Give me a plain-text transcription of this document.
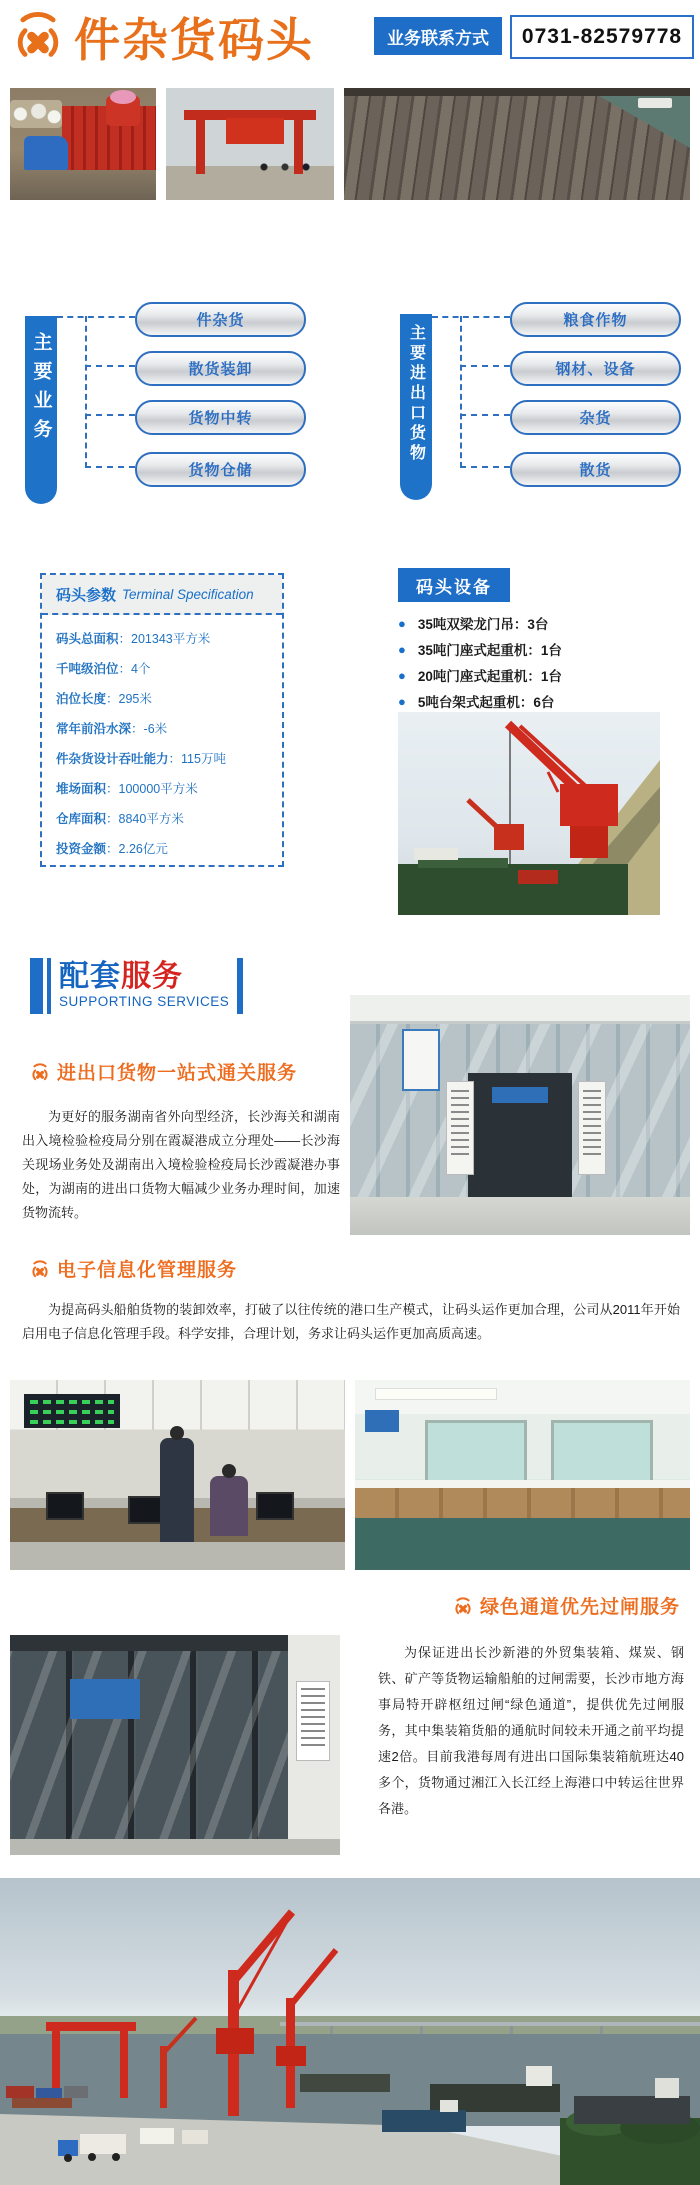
件杂货码头	业务联系方式	0731-82579778
主要业务
件杂货
散货装卸
货物中转
货物仓储
主要进出口货物
粮食作物
钢材、设备
杂货
散货
码头参数 Terminal Specification
码头总面积 ： 201343平方米
千吨级泊位 ： 4个
泊位长度 ： 295米
常年前沿水深 ： -6米
件杂货设计吞吐能力 ： 115万吨
堆场面积 ： 100000平方米
仓库面积 ： 8840平方米
投资金额 ： 2.26亿元
码头设备
● 35吨双梁龙门吊：3台
● 35吨门座式起重机：1台
● 20吨门座式起重机：1台
● 5吨台架式起重机：6台
配套服务
SUPPORTING SERVICES
进出口货物一站式通关服务
为更好的服务湖南省外向型经济，长沙海关和湖南出入境检验检疫局分别在霞凝港成立分理处——长沙海关现场业务处及湖南出入境检验检疫局长沙霞凝港办事处，为湖南的进出口货物大幅减少业务办理时间，加速货物流转。
电子信息化管理服务
为提高码头船舶货物的装卸效率，打破了以往传统的港口生产模式，让码头运作更加合理，公司从2011年开始启用电子信息化管理手段。科学安排，合理计划，务求让码头运作更加高质高速。
绿色通道优先过闸服务
为保证进出长沙新港的外贸集装箱、煤炭、钢铁、矿产等货物运输船舶的过闸需要，长沙市地方海事局特开辟枢纽过闸“绿色通道”，提供优先过闸服务，其中集装箱货船的通航时间较未开通之前平均提速2倍。目前我港每周有进出口国际集装箱航班达40多个，货物通过湘江入长江经上海港口中转运往世界各港。
